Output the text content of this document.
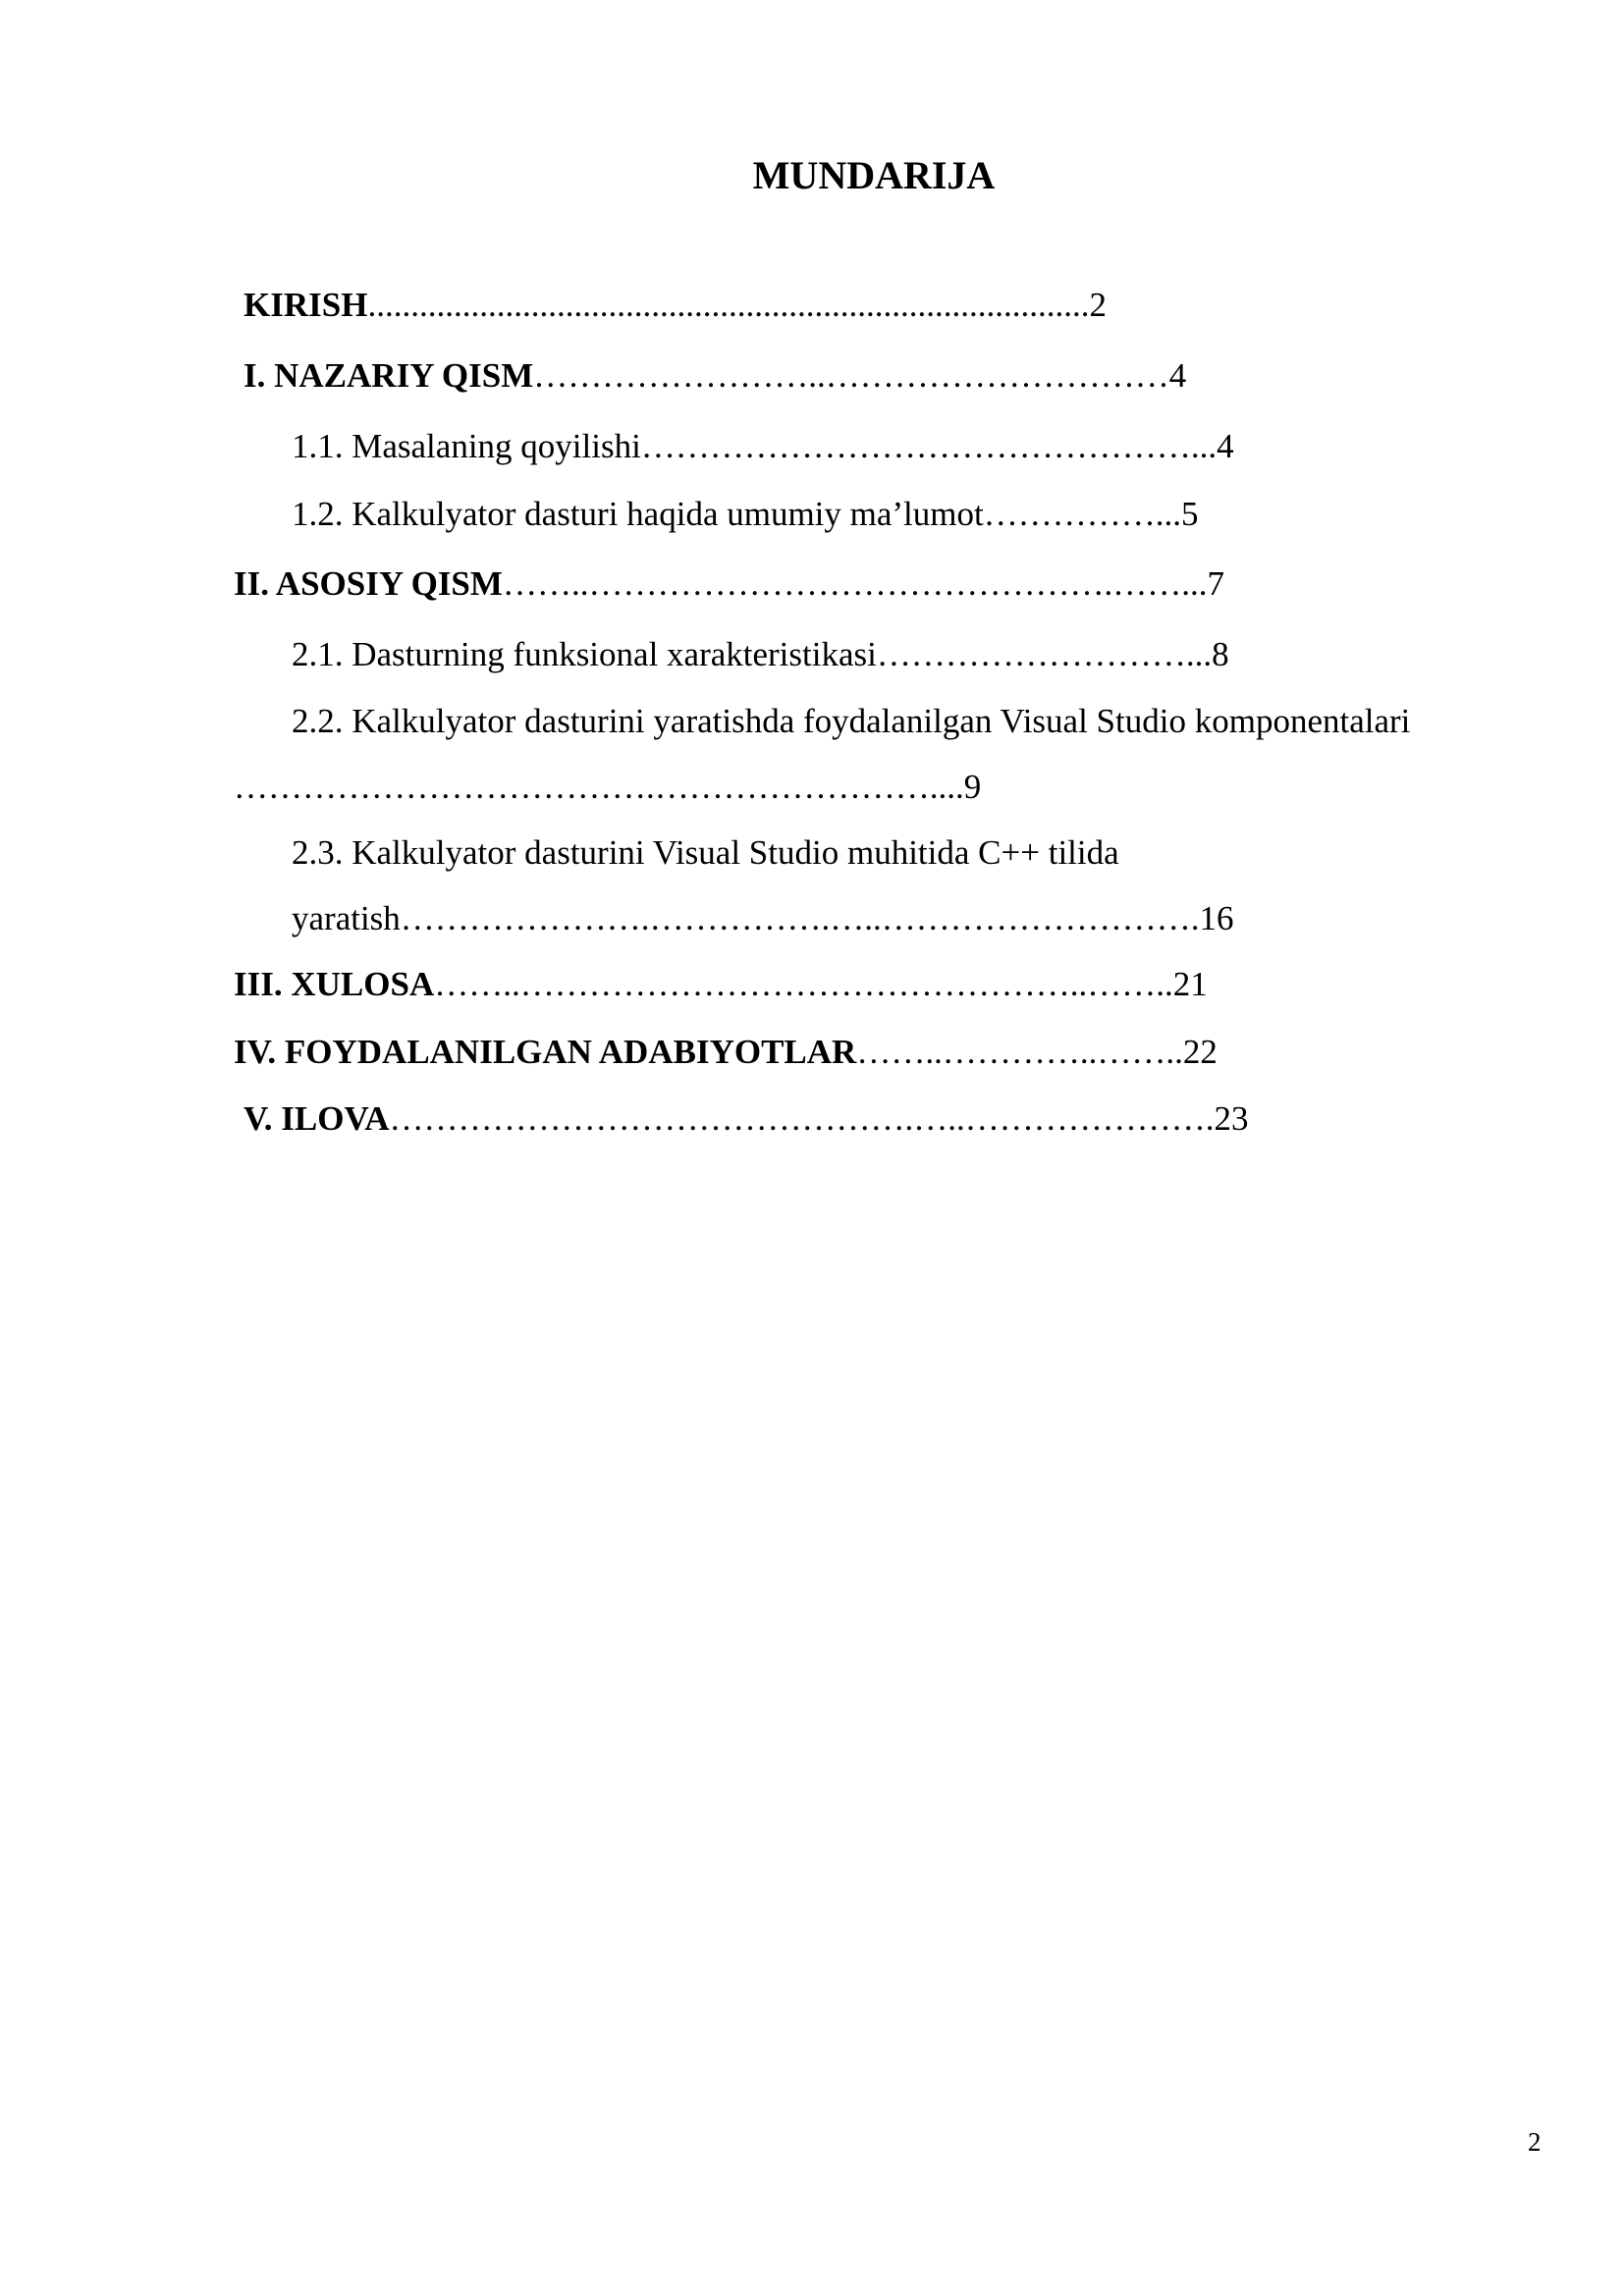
MUNDARIJA
KIRISH....................................................................................2
I. NAZARIY QISM……………………..…………………………4
1.1. Masalaning qoyilishi…………………………………………...4
1.2. Kalkulyator dasturi haqida umumiy ma’lumot……………...5
II. ASOSIY QISM……..……………………………………….……...7
2.1. Dasturning funksional xarakteristikasi………………………...8
2.2. Kalkulyator dasturini yaratishda foydalanilgan Visual Studio komponentalari
……………………………….……………………....9
2.3. Kalkulyator dasturini Visual Studio muhitida C++ tilida
yaratish………………….…………….…..……………………….16
III. XULOSA……..…………………………………………..……..21
IV. FOYDALANILGAN ADABIYOTLAR……..…………..……..22
V. ILOVA……………………………………….…..………………….23
2
